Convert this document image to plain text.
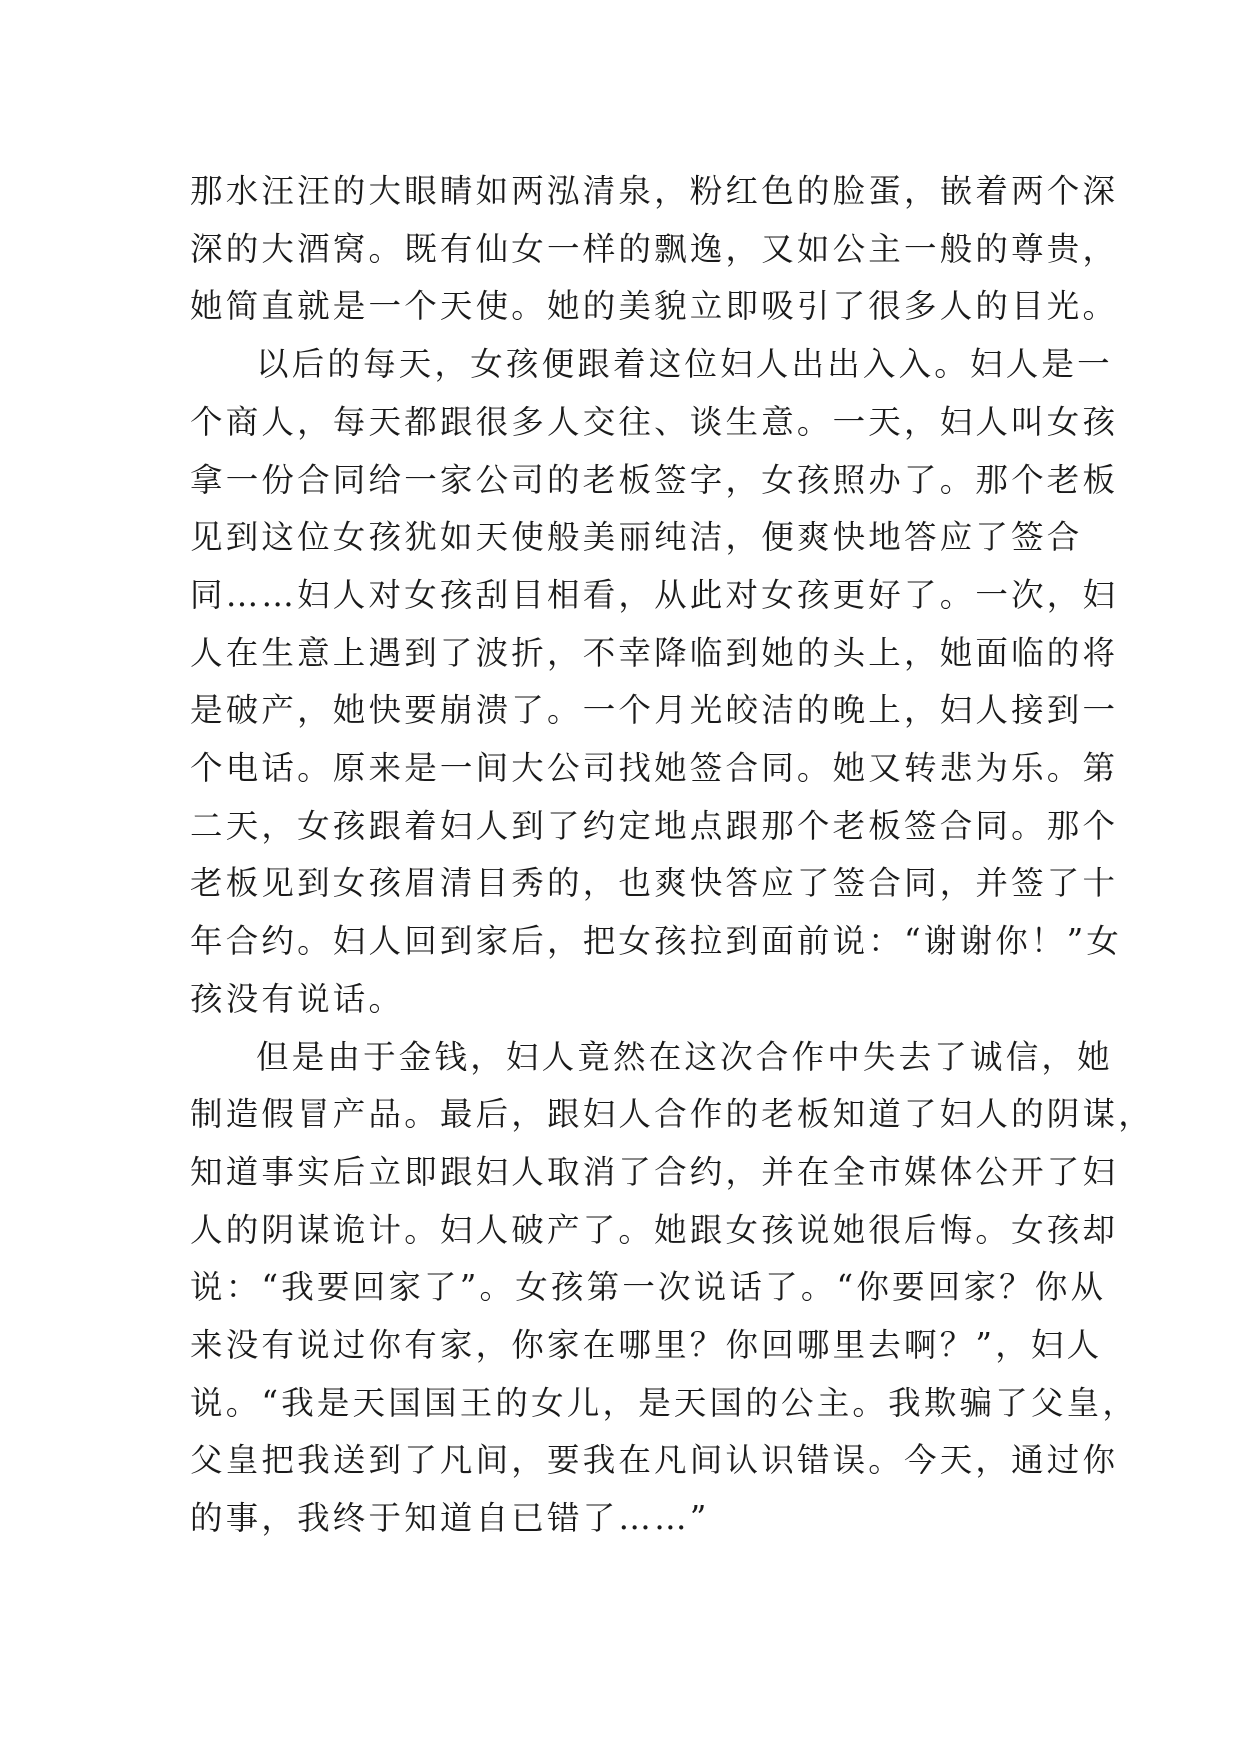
那水汪汪的大眼睛如两泓清泉，粉红色的脸蛋，嵌着两个深
深的大酒窝。既有仙女一样的飘逸，又如公主一般的尊贵，
她简直就是一个天使。她的美貌立即吸引了很多人的目光。
以后的每天，女孩便跟着这位妇人出出入入。妇人是一
个商人，每天都跟很多人交往、谈生意。一天，妇人叫女孩
拿一份合同给一家公司的老板签字，女孩照办了。那个老板
见到这位女孩犹如天使般美丽纯洁，便爽快地答应了签合
同……妇人对女孩刮目相看，从此对女孩更好了。一次，妇
人在生意上遇到了波折，不幸降临到她的头上，她面临的将
是破产，她快要崩溃了。一个月光皎洁的晚上，妇人接到一
个电话。原来是一间大公司找她签合同。她又转悲为乐。第
二天，女孩跟着妇人到了约定地点跟那个老板签合同。那个
老板见到女孩眉清目秀的，也爽快答应了签合同，并签了十
年合约。妇人回到家后，把女孩拉到面前说：“谢谢你！”女
孩没有说话。
但是由于金钱，妇人竟然在这次合作中失去了诚信，她
制造假冒产品。最后，跟妇人合作的老板知道了妇人的阴谋，
知道事实后立即跟妇人取消了合约，并在全市媒体公开了妇
人的阴谋诡计。妇人破产了。她跟女孩说她很后悔。女孩却
说：“我要回家了”。女孩第一次说话了。“你要回家？你从
来没有说过你有家，你家在哪里？你回哪里去啊？”，妇人
说。“我是天国国王的女儿，是天国的公主。我欺骗了父皇，
父皇把我送到了凡间，要我在凡间认识错误。今天，通过你
的事，我终于知道自已错了……”
